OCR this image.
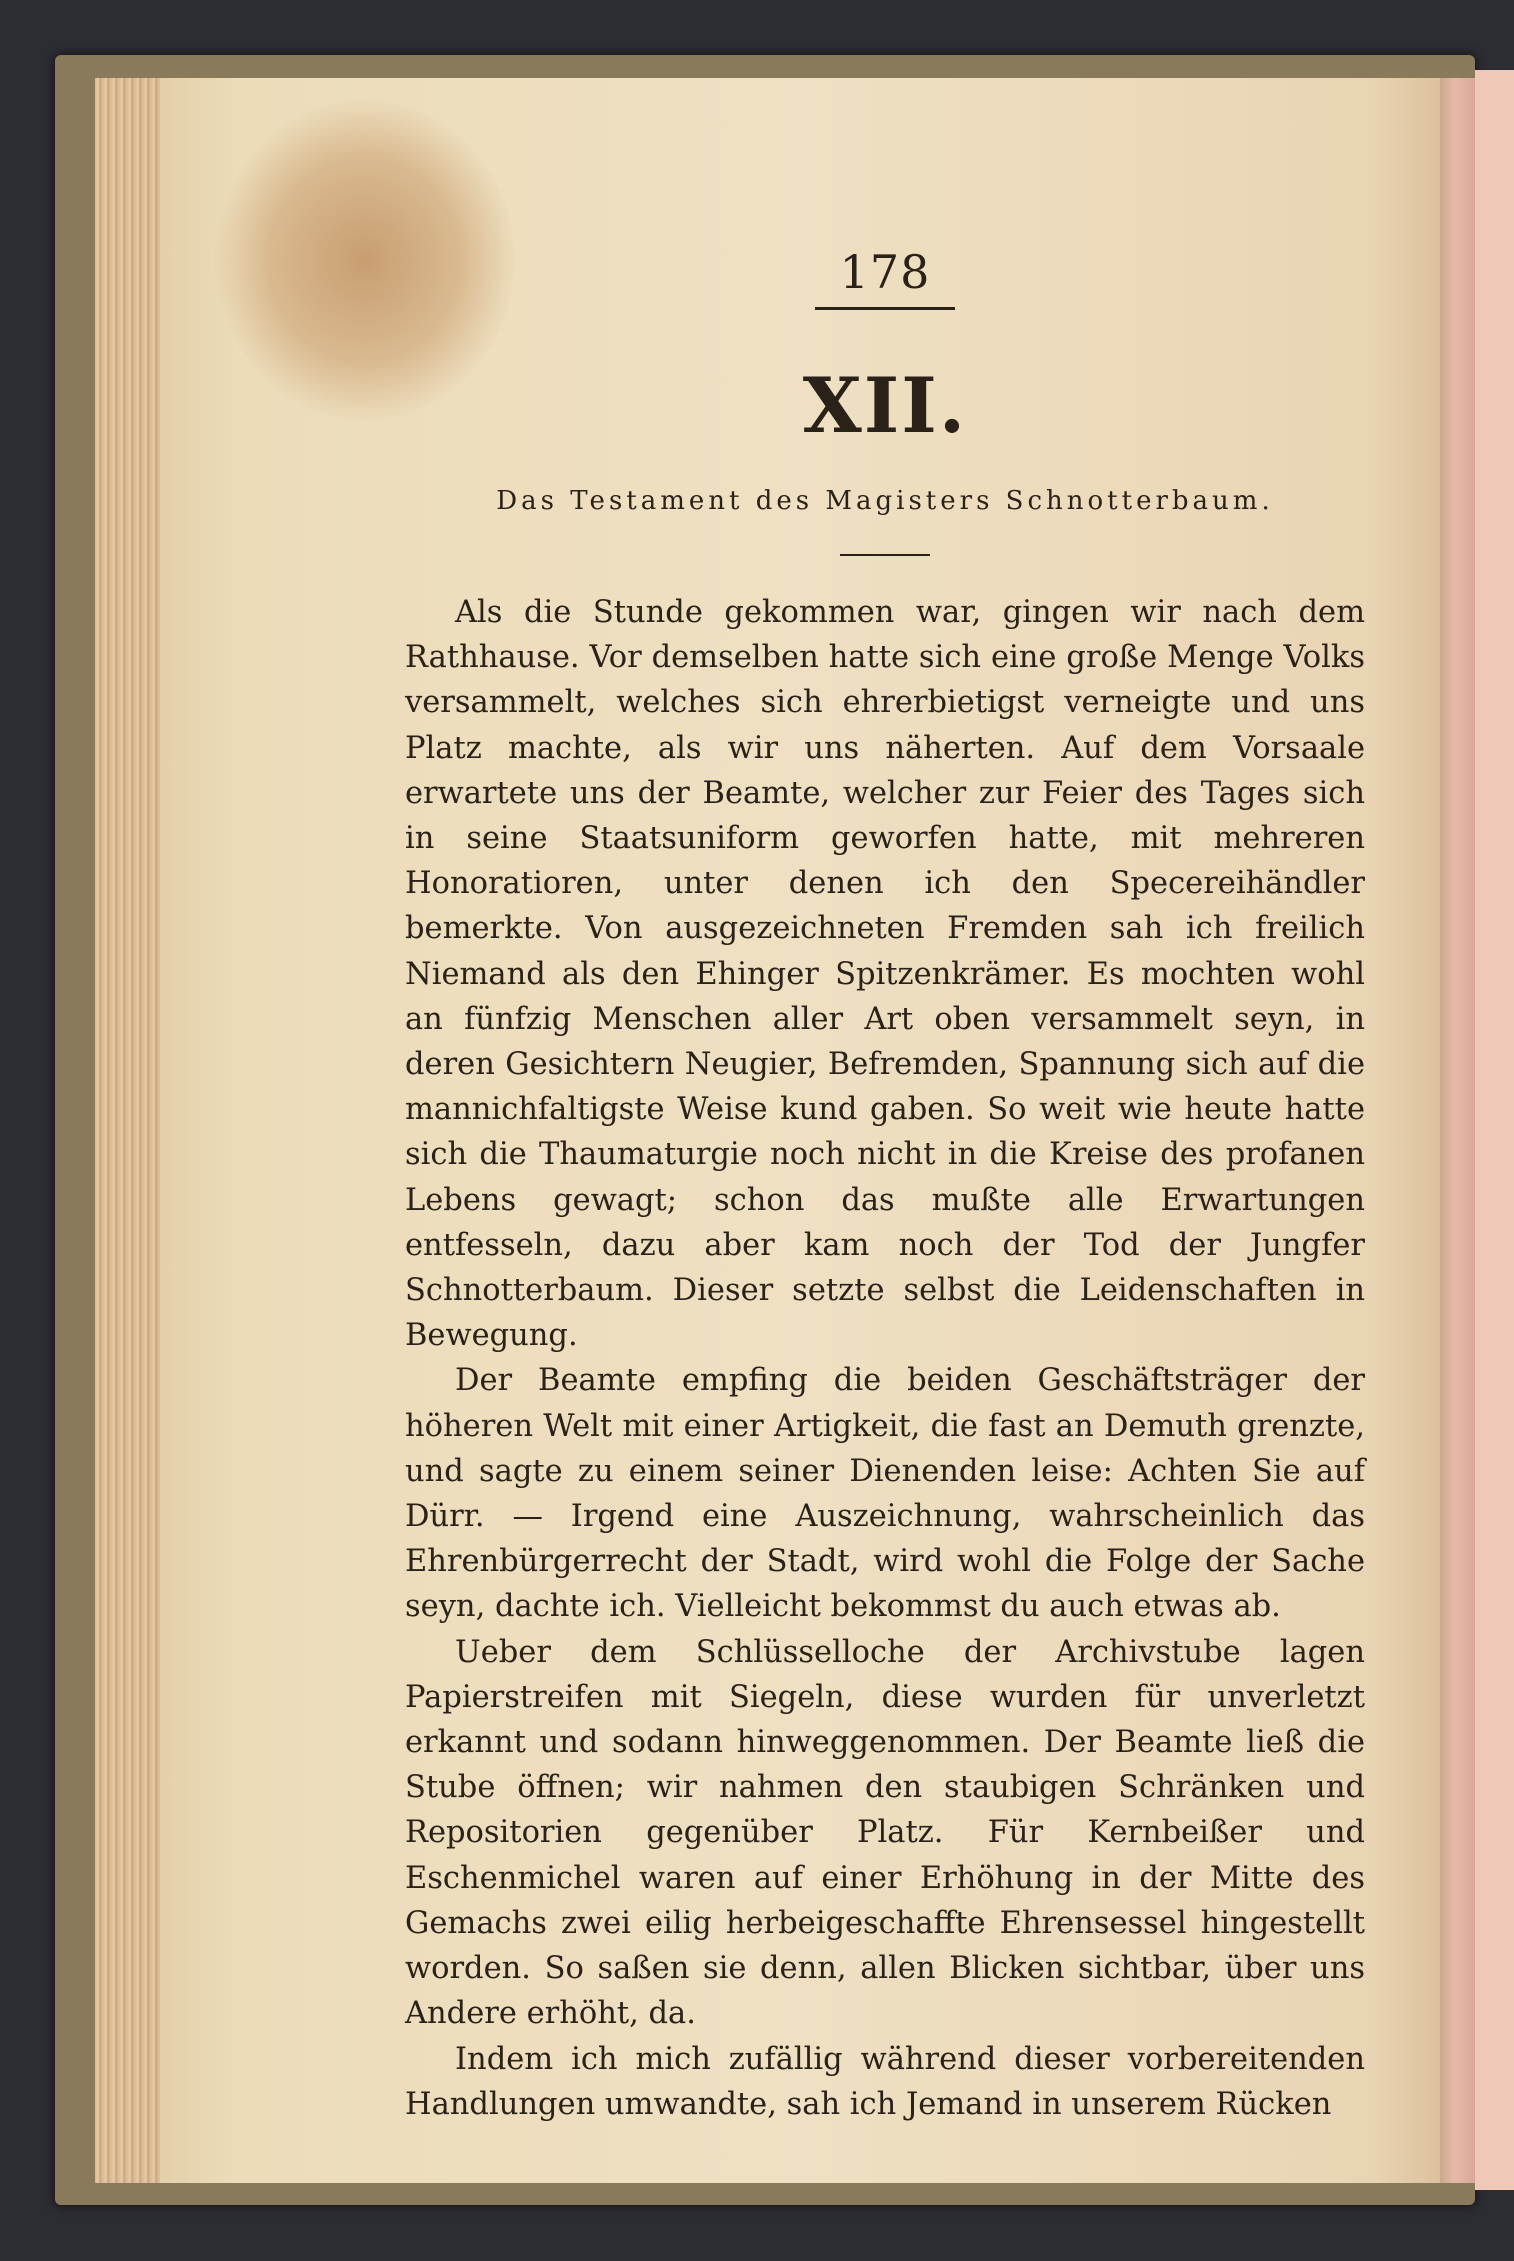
178
XII.
Das Testament des Magisters Schnotterbaum.

Als die Stunde gekommen war, gingen wir nach dem Rathhause. Vor demselben hatte sich eine große Menge Volks versammelt, welches sich ehrerbietigst verneigte und uns Platz machte, als wir uns näherten. Auf dem Vorsaale erwartete uns der Beamte, welcher zur Feier des Tages sich in seine Staatsuniform geworfen hatte, mit mehreren Honoratioren, unter denen ich den Specereihändler bemerkte. Von ausgezeichneten Fremden sah ich freilich Niemand als den Ehinger Spitzenkrämer. Es mochten wohl an fünfzig Menschen aller Art oben versammelt seyn, in deren Gesichtern Neugier, Befremden, Spannung sich auf die mannichfaltigste Weise kund gaben. So weit wie heute hatte sich die Thaumaturgie noch nicht in die Kreise des profanen Lebens gewagt; schon das mußte alle Erwartungen entfesseln, dazu aber kam noch der Tod der Jungfer Schnotterbaum. Dieser setzte selbst die Leidenschaften in Bewegung.

Der Beamte empfing die beiden Geschäftsträger der höheren Welt mit einer Artigkeit, die fast an Demuth grenzte, und sagte zu einem seiner Dienenden leise: Achten Sie auf Dürr. — Irgend eine Auszeichnung, wahrscheinlich das Ehrenbürgerrecht der Stadt, wird wohl die Folge der Sache seyn, dachte ich. Vielleicht bekommst du auch etwas ab.

Ueber dem Schlüsselloche der Archivstube lagen Papierstreifen mit Siegeln, diese wurden für unverletzt erkannt und sodann hinweggenommen. Der Beamte ließ die Stube öffnen; wir nahmen den staubigen Schränken und Repositorien gegenüber Platz. Für Kernbeißer und Eschenmichel waren auf einer Erhöhung in der Mitte des Gemachs zwei eilig herbeigeschaffte Ehrensessel hingestellt worden. So saßen sie denn, allen Blicken sichtbar, über uns Andere erhöht, da.

Indem ich mich zufällig während dieser vorbereitenden Handlungen umwandte, sah ich Jemand in unserem Rücken
